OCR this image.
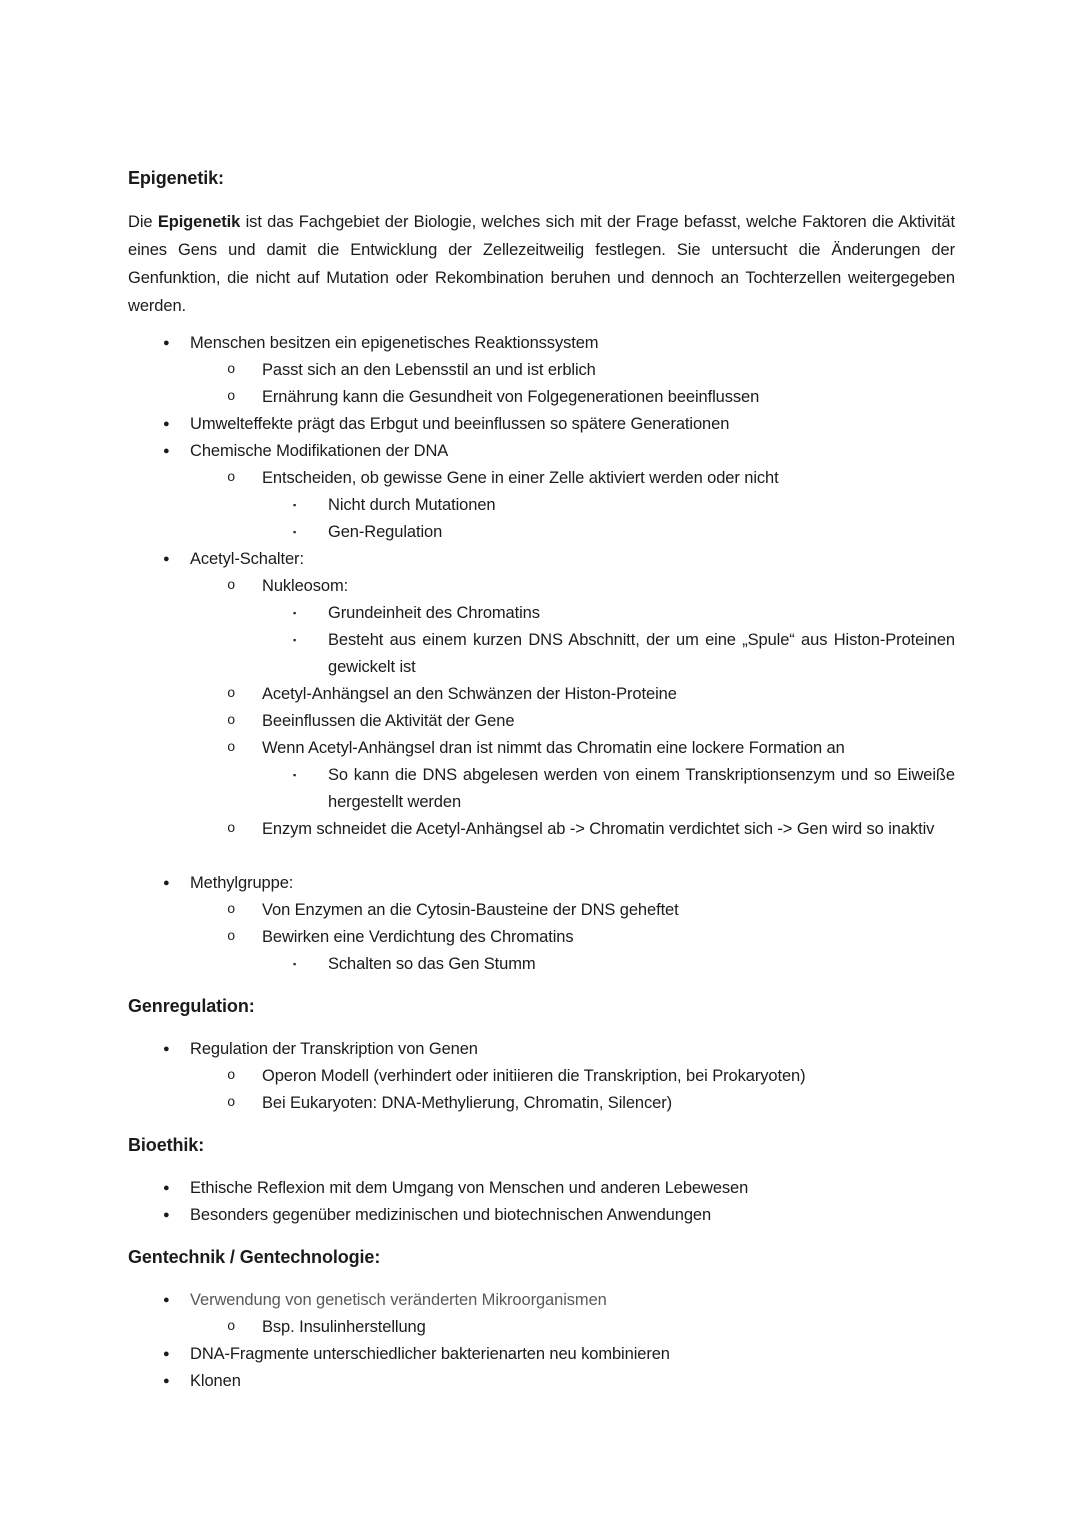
Epigenetik:

Die Epigenetik ist das Fachgebiet der Biologie, welches sich mit der Frage befasst, welche Faktoren die Aktivität eines Gens und damit die Entwicklung der Zellezeitweilig festlegen. Sie untersucht die Änderungen der Genfunktion, die nicht auf Mutation oder Rekombination beruhen und dennoch an Tochterzellen weitergegeben werden.

● Menschen besitzen ein epigenetisches Reaktionssystem
o Passt sich an den Lebensstil an und ist erblich
o Ernährung kann die Gesundheit von Folgegenerationen beeinflussen
● Umwelteffekte prägt das Erbgut und beeinflussen so spätere Generationen
● Chemische Modifikationen der DNA
o Entscheiden, ob gewisse Gene in einer Zelle aktiviert werden oder nicht
▪ Nicht durch Mutationen
▪ Gen-Regulation
● Acetyl-Schalter:
o Nukleosom:
▪ Grundeinheit des Chromatins
▪ Besteht aus einem kurzen DNS Abschnitt, der um eine „Spule“ aus Histon-Proteinen gewickelt ist
o Acetyl-Anhängsel an den Schwänzen der Histon-Proteine
o Beeinflussen die Aktivität der Gene
o Wenn Acetyl-Anhängsel dran ist nimmt das Chromatin eine lockere Formation an
▪ So kann die DNS abgelesen werden von einem Transkriptionsenzym und so Eiweiße hergestellt werden
o Enzym schneidet die Acetyl-Anhängsel ab -> Chromatin verdichtet sich -> Gen wird so inaktiv
● Methylgruppe:
o Von Enzymen an die Cytosin-Bausteine der DNS geheftet
o Bewirken eine Verdichtung des Chromatins
▪ Schalten so das Gen Stumm
Genregulation:
● Regulation der Transkription von Genen
o Operon Modell (verhindert oder initiieren die Transkription, bei Prokaryoten)
o Bei Eukaryoten: DNA-Methylierung, Chromatin, Silencer)
Bioethik:
● Ethische Reflexion mit dem Umgang von Menschen und anderen Lebewesen
● Besonders gegenüber medizinischen und biotechnischen Anwendungen
Gentechnik / Gentechnologie:
● Verwendung von genetisch veränderten Mikroorganismen
o Bsp. Insulinherstellung
● DNA-Fragmente unterschiedlicher bakterienarten neu kombinieren
● Klonen
